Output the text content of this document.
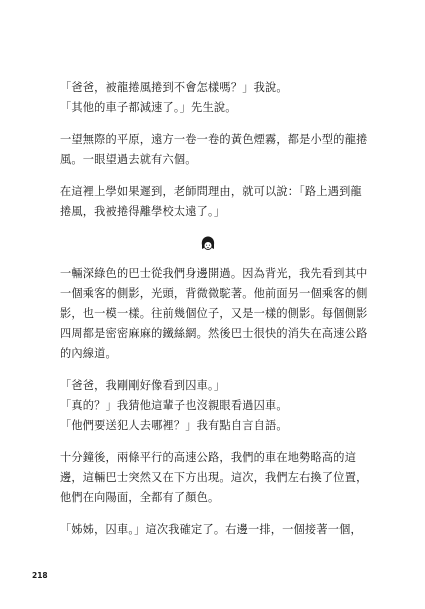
「爸爸，被龍捲風捲到不會怎樣嗎？」我說。
「其他的車子都減速了。」先生說。
一望無際的平原，遠方一卷一卷的黃色煙霧，都是小型的龍捲
風。一眼望過去就有六個。
在這裡上學如果遲到，老師問理由，就可以說：「路上遇到龍
捲風，我被捲得離學校太遠了。」
一輛深綠色的巴士從我們身邊開過。因為背光，我先看到其中
一個乘客的側影，光頭，背微微駝著。他前面另一個乘客的側
影，也一模一樣。往前幾個位子，又是一樣的側影。每個側影
四周都是密密麻麻的鐵絲網。然後巴士很快的消失在高速公路
的內線道。
「爸爸，我剛剛好像看到囚車。」
「真的？」我猜他這輩子也沒親眼看過囚車。
「他們要送犯人去哪裡？」我有點自言自語。
十分鐘後，兩條平行的高速公路，我們的車在地勢略高的這
邊，這輛巴士突然又在下方出現。這次，我們左右換了位置，
他們在向陽面，全都有了顏色。
「姊姊，囚車。」這次我確定了。右邊一排，一個接著一個，
218
